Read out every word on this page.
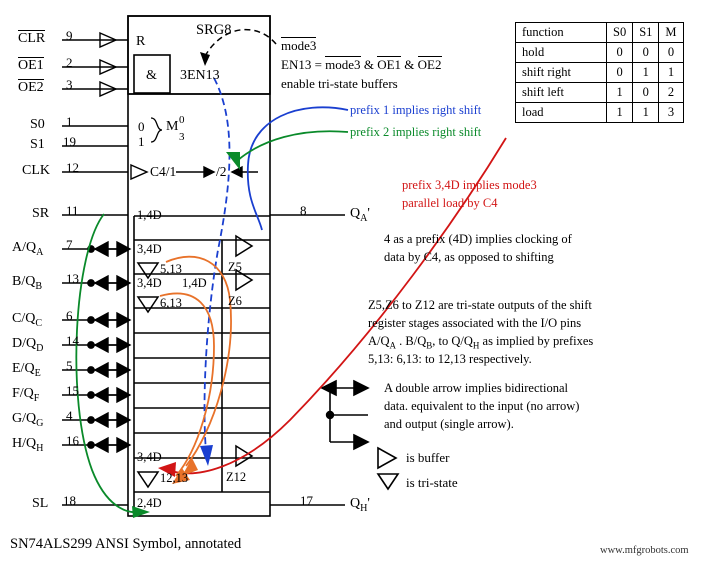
CLR 9
OE1 2
OE2 3
S0 1
S1 19
CLK 12
SR 11
$A/Q_A$
7
$B/Q_B$
13
$C/Q_C$
6
$D/Q_D$
14
$E/Q_E$
5
$F/Q_F$
15
$G/Q_G$
4
$H/Q_H$
16
SL 18
8	$Q_A'$
17	$Q_H'$
SRG8
R
& 3EN13
0
1
M 0
3
C4/1	/2
1,4D
3,4D
5,13
3,4D 1,4D
6,13
3,4D
12,13
2,4D
Z5
Z6
Z12
mode3
EN13 = mode3 & OE1 & OE2
enable tri-state buffers
prefix 1 implies right shift
prefix 2 implies right shift
prefix 3,4D implies mode3
parallel load by C4
4 as a prefix (4D) implies clocking of
data by C4, as opposed to shifting
Z5,Z6 to Z12 are tri-state outputs of the shift
register stages associated with the I/O pins
$A/Q_A$ . $B/Q_B$, to $Q/Q_H$ as implied by prefixes
5,13: 6,13: to 12,13 respectively.
A double arrow implies bidirectional
data. equivalent to the input (no arrow)
and output (single arrow).
is buffer
is tri-state
function	S0	S1	M
hold	0	0	0
shift right	0	1	1
shift left	1	0	2
load	1	1	3
SN74ALS299 ANSI Symbol, annotated	www.mfgrobots.com
